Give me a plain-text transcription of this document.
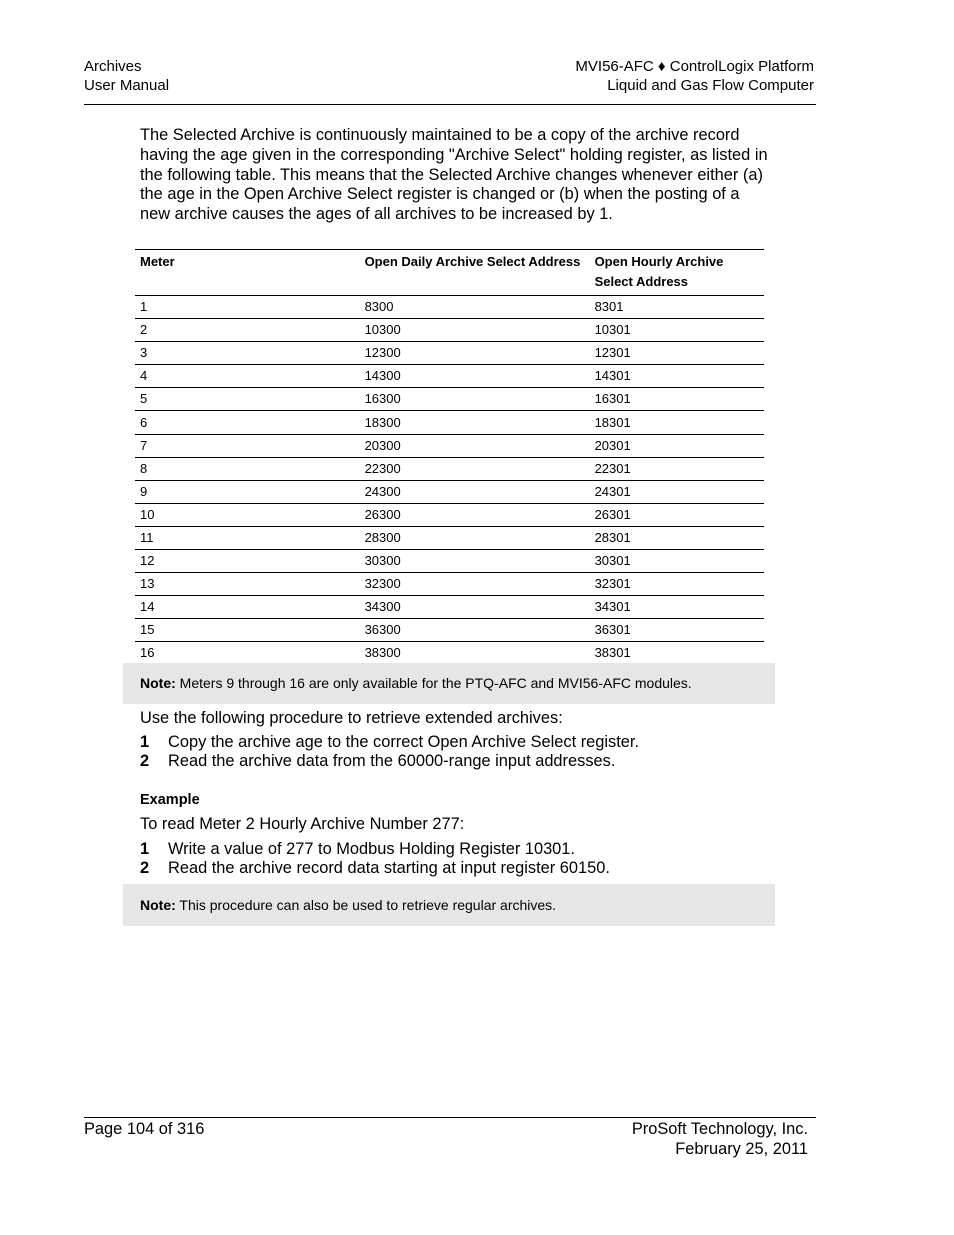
Archives
User Manual
MVI56-AFC ♦ ControlLogix Platform
Liquid and Gas Flow Computer
The Selected Archive is continuously maintained to be a copy of the archive record having the age given in the corresponding "Archive Select" holding register, as listed in the following table. This means that the Selected Archive changes whenever either (a) the age in the Open Archive Select register is changed or (b) when the posting of a new archive causes the ages of all archives to be increased by 1.
Meter	Open Daily Archive Select Address	Open Hourly Archive Select Address
1	8300	8301
2	10300	10301
3	12300	12301
4	14300	14301
5	16300	16301
6	18300	18301
7	20300	20301
8	22300	22301
9	24300	24301
10	26300	26301
11	28300	28301
12	30300	30301
13	32300	32301
14	34300	34301
15	36300	36301
16	38300	38301
Note: Meters 9 through 16 are only available for the PTQ-AFC and MVI56-AFC modules.
Use the following procedure to retrieve extended archives:
1 Copy the archive age to the correct Open Archive Select register.
2 Read the archive data from the 60000-range input addresses.
Example
To read Meter 2 Hourly Archive Number 277:
1 Write a value of 277 to Modbus Holding Register 10301.
2 Read the archive record data starting at input register 60150.
Note: This procedure can also be used to retrieve regular archives.
Page 104 of 316	ProSoft Technology, Inc.
February 25, 2011
